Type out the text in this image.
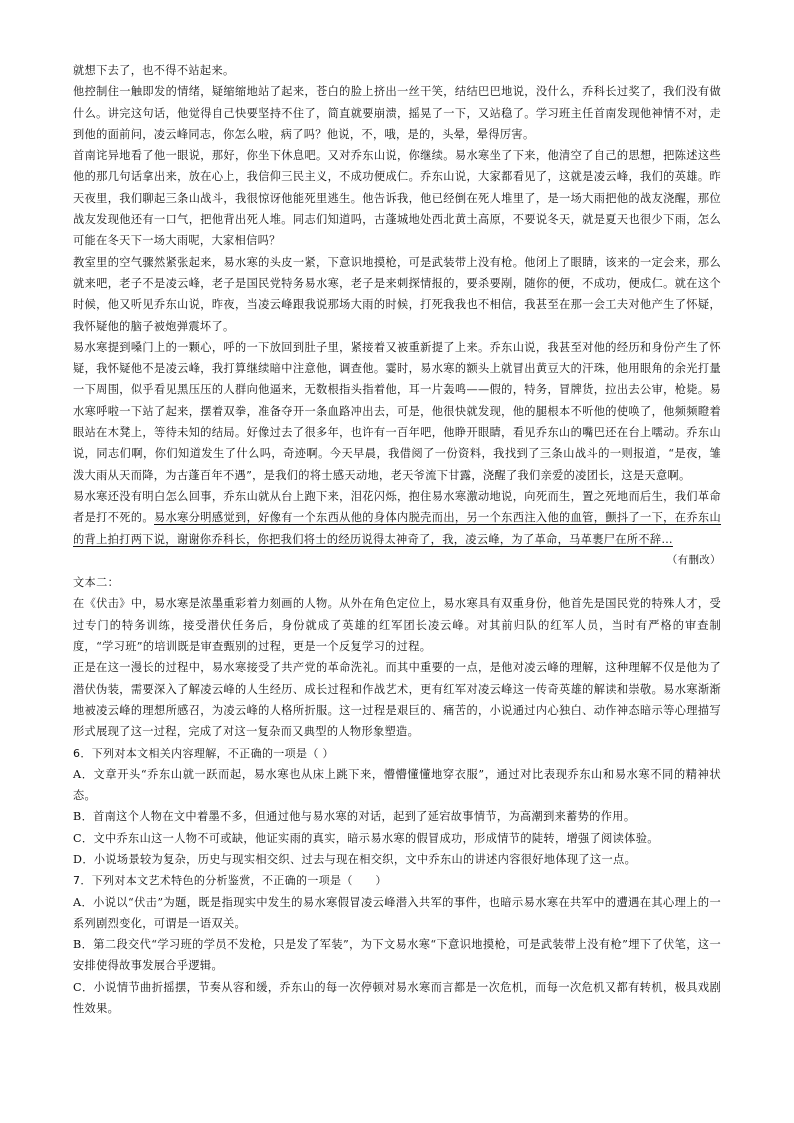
就想下去了，也不得不站起来。

他控制住一触即发的情绪，疑缩缩地站了起来，苍白的脸上挤出一丝干笑，结结巴巴地说，没什么，乔科长过奖了，我们没有做什么。讲完这句话，他觉得自己快要坚持不住了，简直就要崩溃，摇晃了一下，又站稳了。学习班主任首南发现他神情不对，走到他的面前问，凌云峰同志，你怎么啦，病了吗？他说，不，哦，是的，头晕，晕得厉害。

首南诧异地看了他一眼说，那好，你坐下休息吧。又对乔东山说，你继续。易水寒坐了下来，他清空了自己的思想，把陈述这些他的那几句话拿出来，放在心上，我信仰三民主义，不成功便成仁。乔东山说，大家都看见了，这就是凌云峰，我们的英雄。昨天夜里，我们聊起三条山战斗，我很惊讶他能死里逃生。他告诉我，他已经倒在死人堆里了，是一场大雨把他的战友浇醒，那位战友发现他还有一口气，把他背出死人堆。同志们知道吗，古蓬城地处西北黄土高原，不要说冬天，就是夏天也很少下雨，怎么可能在冬天下一场大雨呢，大家相信吗？

教室里的空气骤然紧张起来，易水寒的头皮一紧，下意识地摸枪，可是武装带上没有枪。他闭上了眼睛，该来的一定会来，那么就来吧，老子不是凌云峰，老子是国民党特务易水寒，老子是来刺探情报的，要杀要剐，随你的便，不成功，便成仁。就在这个时候，他又听见乔东山说，昨夜，当凌云峰跟我说那场大雨的时候，打死我我也不相信，我甚至在那一会工夫对他产生了怀疑，我怀疑他的脑子被炮弹震坏了。

易水寒提到嗓门上的一颗心，呼的一下放回到肚子里，紧接着又被重新提了上来。乔东山说，我甚至对他的经历和身份产生了怀疑，我怀疑他不是凌云峰，我打算继续暗中注意他，调查他。霎时，易水寒的额头上就冒出黄豆大的汗珠，他用眼角的余光打量一下周围，似乎看见黑压压的人群向他逼来，无数根指头指着他，耳一片轰鸣——假的，特务，冒牌货，拉出去公审，枪毙。易水寒呼啦一下站了起来，摆着双拳，准备夺开一条血路冲出去，可是，他很快就发现，他的腿根本不听他的使唤了，他频频瞪着眼站在木凳上，等待未知的结局。好像过去了很多年，也许有一百年吧，他睁开眼睛，看见乔东山的嘴巴还在台上嚅动。乔东山说，同志们啊，你们知道发生了什么吗，奇迹啊。今天早晨，我借阅了一份资料，我找到了三条山战斗的一则报道，“是夜，雏泼大雨从天而降，为古蓬百年不遇”，是我们的将士感天动地，老天爷流下甘露，浇醒了我们亲爱的凌团长，这是天意啊。

易水寒还没有明白怎么回事，乔东山就从台上跑下来，泪花闪烁，抱住易水寒激动地说，向死而生，置之死地而后生，我们革命者是打不死的。易水寒分明感觉到，好像有一个东西从他的身体内脱壳而出，另一个东西注入他的血管，颤抖了一下，在乔东山的背上拍打两下说，谢谢你乔科长，你把我们将士的经历说得太神奇了，我，凌云峰，为了革命，马革裹尸在所不辞…

（有删改）

文本二：

在《伏击》中，易水寒是浓墨重彩着力刻画的人物。从外在角色定位上，易水寒具有双重身份，他首先是国民党的特殊人才，受过专门的特务训练，接受潜伏任务后，身份就成了英雄的红军团长凌云峰。对其前归队的红军人员，当时有严格的审查制度，“学习班”的培训既是审查甄别的过程，更是一个反复学习的过程。

正是在这一漫长的过程中，易水寒接受了共产党的革命洗礼。而其中重要的一点，是他对凌云峰的理解，这种理解不仅是他为了潜伏伪装，需要深入了解凌云峰的人生经历、成长过程和作战艺术，更有红军对凌云峰这一传奇英雄的解读和崇敬。易水寒渐渐地被凌云峰的理想所感召，为凌云峰的人格所折服。这一过程是艰巨的、痛苦的，小说通过内心独白、动作神态暗示等心理描写形式展现了这一过程，完成了对这一复杂而又典型的人物形象塑造。

6．下列对本文相关内容理解，不正确的一项是（ ）

A．文章开头“乔东山就一跃而起，易水寒也从床上跳下来，懵懵懂懂地穿衣服”，通过对比表现乔东山和易水寒不同的精神状态。

B．首南这个人物在文中着墨不多，但通过他与易水寒的对话，起到了延宕故事情节，为高潮到来蓄势的作用。

C．文中乔东山这一人物不可或缺，他证实雨的真实，暗示易水寒的假冒成功，形成情节的陡转，增强了阅读体验。

D．小说场景较为复杂，历史与现实相交织、过去与现在相交织，文中乔东山的讲述内容很好地体现了这一点。

7．下列对本文艺术特色的分析鉴赏，不正确的一项是（　　）

A．小说以“伏击”为题，既是指现实中发生的易水寒假冒凌云峰潜入共军的事件，也暗示易水寒在共军中的遭遇在其心理上的一系列剧烈变化，可谓是一语双关。

B．第二段交代“学习班的学员不发枪，只是发了军装”，为下文易水寒“下意识地摸枪，可是武装带上没有枪”埋下了伏笔，这一安排使得故事发展合乎逻辑。

C．小说情节曲折摇摆，节奏从容和缓，乔东山的每一次停顿对易水寒而言都是一次危机，而每一次危机又都有转机，极具戏剧性效果。
